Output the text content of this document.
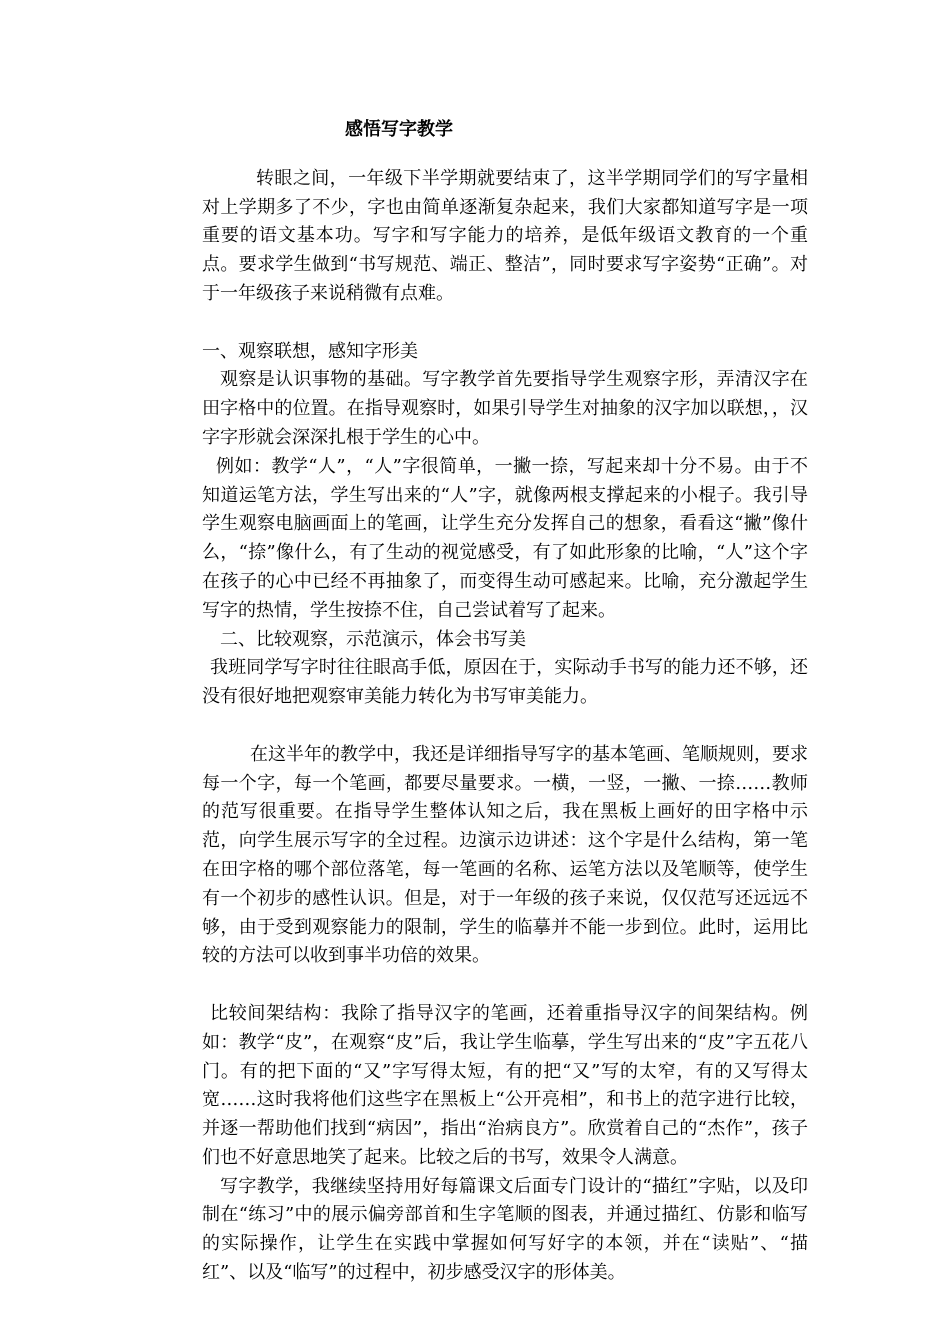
感悟写字教学

转眼之间，一年级下半学期就要结束了，这半学期同学们的写字量相对上学期多了不少，字也由简单逐渐复杂起来，我们大家都知道写字是一项重要的语文基本功。写字和写字能力的培养，是低年级语文教育的一个重点。要求学生做到“书写规范、端正、整洁”，同时要求写字姿势“正确”。对于一年级孩子来说稍微有点难。

一、观察联想，感知字形美

观察是认识事物的基础。写字教学首先要指导学生观察字形，弄清汉字在田字格中的位置。在指导观察时，如果引导学生对抽象的汉字加以联想，，汉字字形就会深深扎根于学生的心中。

例如：教学“人”，“人”字很简单，一撇一捺，写起来却十分不易。由于不知道运笔方法，学生写出来的“人”字，就像两根支撑起来的小棍子。我引导学生观察电脑画面上的笔画，让学生充分发挥自己的想象，看看这“撇”像什么，“捺”像什么，有了生动的视觉感受，有了如此形象的比喻，“人”这个字在孩子的心中已经不再抽象了，而变得生动可感起来。比喻，充分激起学生写字的热情，学生按捺不住，自己尝试着写了起来。

二、比较观察，示范演示，体会书写美

我班同学写字时往往眼高手低，原因在于，实际动手书写的能力还不够，还没有很好地把观察审美能力转化为书写审美能力。

在这半年的教学中，我还是详细指导写字的基本笔画、笔顺规则，要求每一个字，每一个笔画，都要尽量要求。一横，一竖，一撇、一捺……教师的范写很重要。在指导学生整体认知之后，我在黑板上画好的田字格中示范，向学生展示写字的全过程。边演示边讲述：这个字是什么结构，第一笔在田字格的哪个部位落笔，每一笔画的名称、运笔方法以及笔顺等，使学生有一个初步的感性认识。但是，对于一年级的孩子来说，仅仅范写还远远不够，由于受到观察能力的限制，学生的临摹并不能一步到位。此时，运用比较的方法可以收到事半功倍的效果。

比较间架结构：我除了指导汉字的笔画，还着重指导汉字的间架结构。例如：教学“皮”，在观察“皮”后，我让学生临摹，学生写出来的“皮”字五花八门。有的把下面的“又”字写得太短，有的把“又”写的太窄，有的又写得太宽……这时我将他们这些字在黑板上“公开亮相”，和书上的范字进行比较，并逐一帮助他们找到“病因”，指出“治病良方”。欣赏着自己的“杰作”，孩子们也不好意思地笑了起来。比较之后的书写，效果令人满意。

写字教学，我继续坚持用好每篇课文后面专门设计的“描红”字贴，以及印制在“练习”中的展示偏旁部首和生字笔顺的图表，并通过描红、仿影和临写的实际操作，让学生在实践中掌握如何写好字的本领，并在“读贴”、“描红”、以及“临写”的过程中，初步感受汉字的形体美。
